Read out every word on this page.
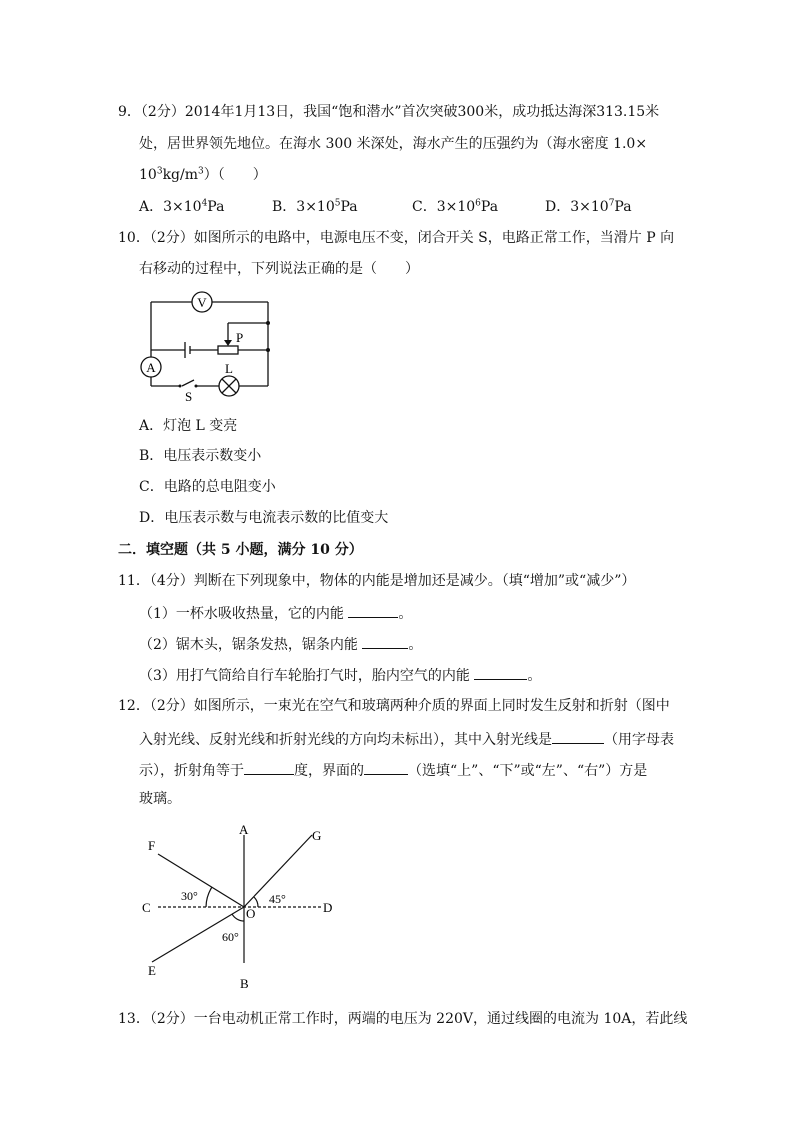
9．（2分）2014年1月13日，我国“饱和潜水”首次突破300米，成功抵达海深313.15米
处，居世界领先地位。在海水 300 米深处，海水产生的压强约为（海水密度 1.0×
$10^3kg/m^3$）（　　）
A．$3\times 10^4Pa$	B．$3\times 10^5Pa$	C．$3\times 10^6Pa$	D．$3\times 10^7Pa$
10．（2分）如图所示的电路中，电源电压不变，闭合开关 S，电路正常工作，当滑片 P 向
右移动的过程中，下列说法正确的是（　　）
V
A
P
L
S
A．灯泡 L 变亮
B．电压表示数变小
C．电路的总电阻变小
D．电压表示数与电流表示数的比值变大
二．填空题（共 5 小题，满分 10 分）
11．（4分）判断在下列现象中，物体的内能是增加还是减少。（填“增加”或“减少”）
（1）一杯水吸收热量，它的内能	。
（2）锯木头，锯条发热，锯条内能	。
（3）用打气筒给自行车轮胎打气时，胎内空气的内能	。
12．（2分）如图所示，一束光在空气和玻璃两种介质的界面上同时发生反射和折射（图中
入射光线、反射光线和折射光线的方向均未标出），其中入射光线是	（用字母表
示），折射角等于	度，界面的	（选填“上”、“下”或“左”、“右”）方是
玻璃。
A
B
C	D
E
F
G
O
30°	45°
60°
13．（2分）一台电动机正常工作时，两端的电压为 220V，通过线圈的电流为 10A，若此线
